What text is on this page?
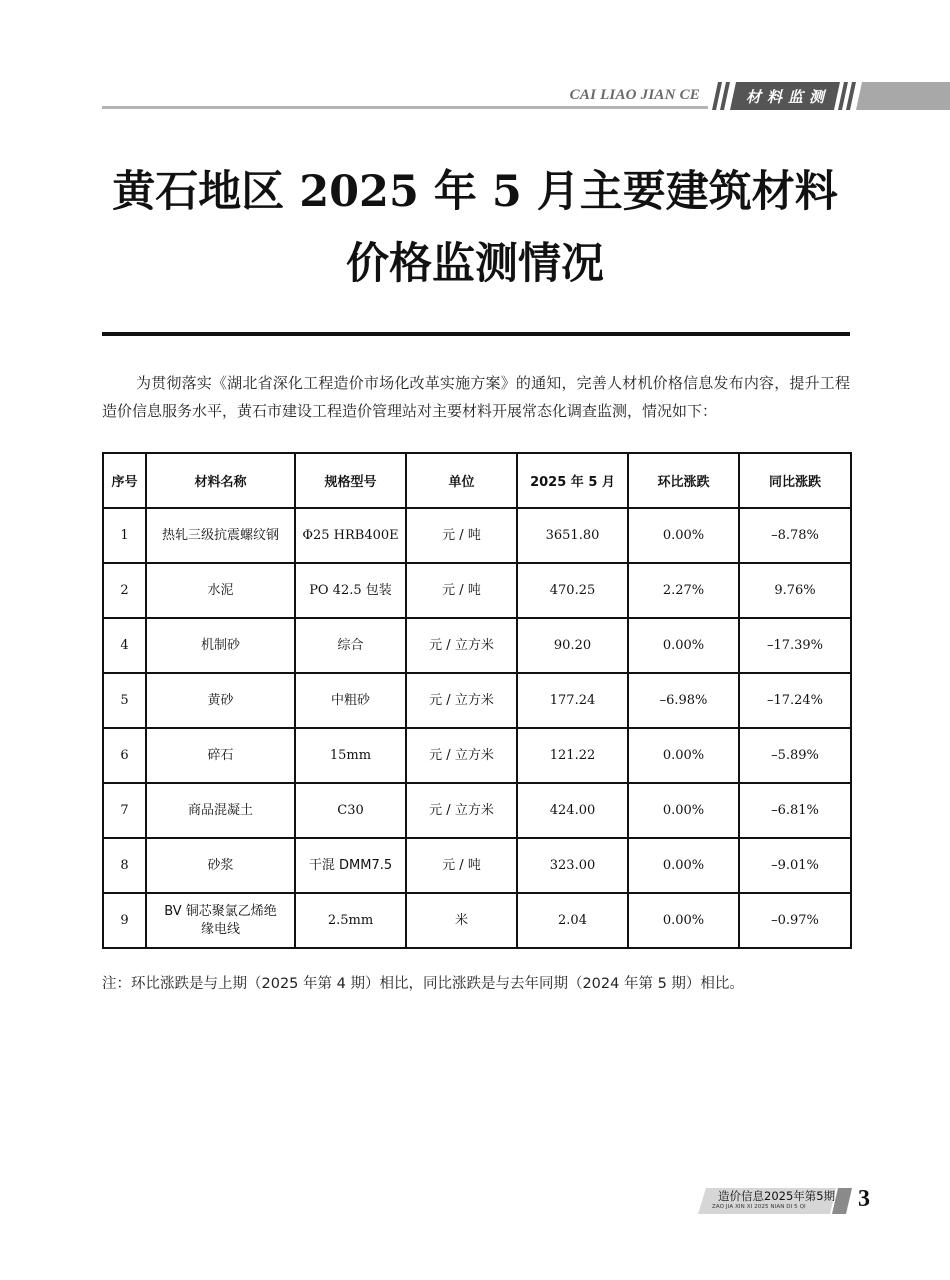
CAI LIAO JIAN CE	材料监测
黄石地区 2025 年 5 月主要建筑材料
价格监测情况

为贯彻落实《湖北省深化工程造价市场化改革实施方案》的通知，完善人材机价格信息发布内容，提升工程造价信息服务水平，黄石市建设工程造价管理站对主要材料开展常态化调查监测，情况如下：

序号	材料名称	规格型号	单位	2025 年 5 月	环比涨跌	同比涨跌
1	热轧三级抗震螺纹钢	Φ25 HRB400E	元 / 吨	3651.80	0.00%	–8.78%
2	水泥	PO 42.5 包装	元 / 吨	470.25	2.27%	9.76%
4	机制砂	综合	元 / 立方米	90.20	0.00%	–17.39%
5	黄砂	中粗砂	元 / 立方米	177.24	–6.98%	–17.24%
6	碎石	15mm	元 / 立方米	121.22	0.00%	–5.89%
7	商品混凝土	C30	元 / 立方米	424.00	0.00%	–6.81%
8	砂浆	干混 DMM7.5	元 / 吨	323.00	0.00%	–9.01%
9	BV 铜芯聚氯乙烯绝缘电线	2.5mm	米	2.04	0.00%	–0.97%

注：环比涨跌是与上期（2025 年第 4 期）相比，同比涨跌是与去年同期（2024 年第 5 期）相比。

造价信息2025年第5期
ZAO JIA XIN XI 2025 NIAN DI 5 QI	3
